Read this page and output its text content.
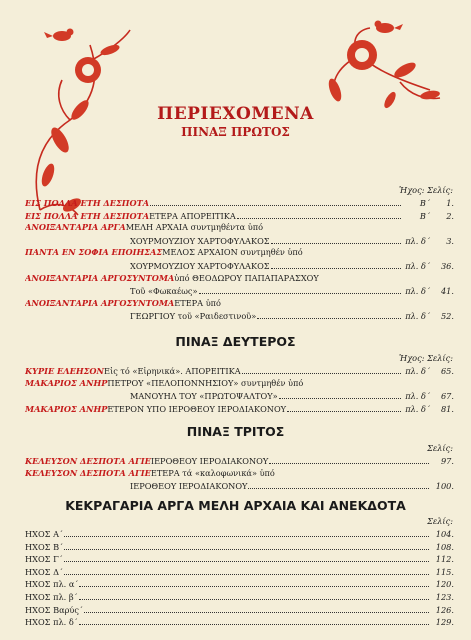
ΠΕΡΙΕΧΟΜΕΝΑ
ΠΙΝΑΞ ΠΡΩΤΟΣ
Ἠχος: Σελίς:
ΕΙΣ ΠΟΛΛΑ ΕΤΗ ΔΕΣΠΟΤΑ	Β΄	1.
ΕΙΣ ΠΟΛΛΑ ΕΤΗ ΔΕΣΠΟΤΑ ΕΤΕΡΑ ΑΠΟΡΕΙΤΙΚΑ	Β΄	2.
ΑΝΟΙΞΑΝΤΑΡΙΑ ΑΡΓΑ ΜΕΛΗ ΑΡΧΑΙΑ συντμηθέντα ὑπό
ΧΟΥΡΜΟΥΖΙΟΥ ΧΑΡΤΟΦΥΛΑΚΟΣ	πλ. δ΄	3.
ΠΑΝΤΑ ΕΝ ΣΟΦΙΑ ΕΠΟΙΗΣΑΣ ΜΕΛΟΣ ΑΡΧΑΙΟΝ συντμηθέν ὑπό
ΧΟΥΡΜΟΥΖΙΟΥ ΧΑΡΤΟΦΥΛΑΚΟΣ	πλ. δ΄	36.
ΑΝΟΙΞΑΝΤΑΡΙΑ ΑΡΓΟΣΥΝΤΟΜΑ ὑπό ΘΕΟΔΩΡΟΥ ΠΑΠΑΠΑΡΑΣΧΟΥ
Τοῦ «Φωκαέως»	πλ. δ΄	41.
ΑΝΟΙΞΑΝΤΑΡΙΑ ΑΡΓΟΣΥΝΤΟΜΑ ΕΤΕΡΑ ὑπό
ΓΕΩΡΓΙΟΥ τοῦ «Ραιδεστινοῦ»	πλ. δ΄	52.
ΠΙΝΑΞ ΔΕΥΤΕΡΟΣ
Ἠχος: Σελίς:
ΚΥΡΙΕ ΕΛΕΗΣΟΝ Εἰς τό «Εἰρηνικά». ΑΠΟΡΕΙΤΙΚΑ	πλ. δ΄	65.
ΜΑΚΑΡΙΟΣ ΑΝΗΡ ΠΕΤΡΟΥ «ΠΕΛΟΠΟΝΝΗΣΙΟΥ» συντμηθέν ὑπό
ΜΑΝΟΥΗΛ ΤΟΥ «ΠΡΩΤΟΨΑΛΤΟΥ»	πλ. δ΄	67.
ΜΑΚΑΡΙΟΣ ΑΝΗΡ ΕΤΕΡΟΝ ΥΠΟ ΙΕΡΟΘΕΟΥ ΙΕΡΟΔΙΑΚΟΝΟΥ	πλ. δ΄	81.
ΠΙΝΑΞ ΤΡΙΤΟΣ
Σελίς:
ΚΕΛΕΥΣΟΝ ΔΕΣΠΟΤΑ ΑΓΙΕ ΙΕΡΟΘΕΟΥ ΙΕΡΟΔΙΑΚΟΝΟΥ	97.
ΚΕΛΕΥΣΟΝ ΔΕΣΠΟΤΑ ΑΓΙΕ ΕΤΕΡΑ τά «καλοφωνικά» ὑπό
ΙΕΡΟΘΕΟΥ ΙΕΡΟΔΙΑΚΟΝΟΥ	100.
ΚΕΚΡΑΓΑΡΙΑ ΑΡΓΑ ΜΕΛΗ ΑΡΧΑΙΑ ΚΑΙ ΑΝΕΚΔΟΤΑ
Σελίς:
ΗΧΟΣ Α΄	104.
ΗΧΟΣ Β΄	108.
ΗΧΟΣ Γ΄	112.
ΗΧΟΣ Δ΄	115.
ΗΧΟΣ πλ. α΄	120.
ΗΧΟΣ πλ. β΄	123.
ΗΧΟΣ Βαρύς΄	126.
ΗΧΟΣ πλ. δ΄	129.
